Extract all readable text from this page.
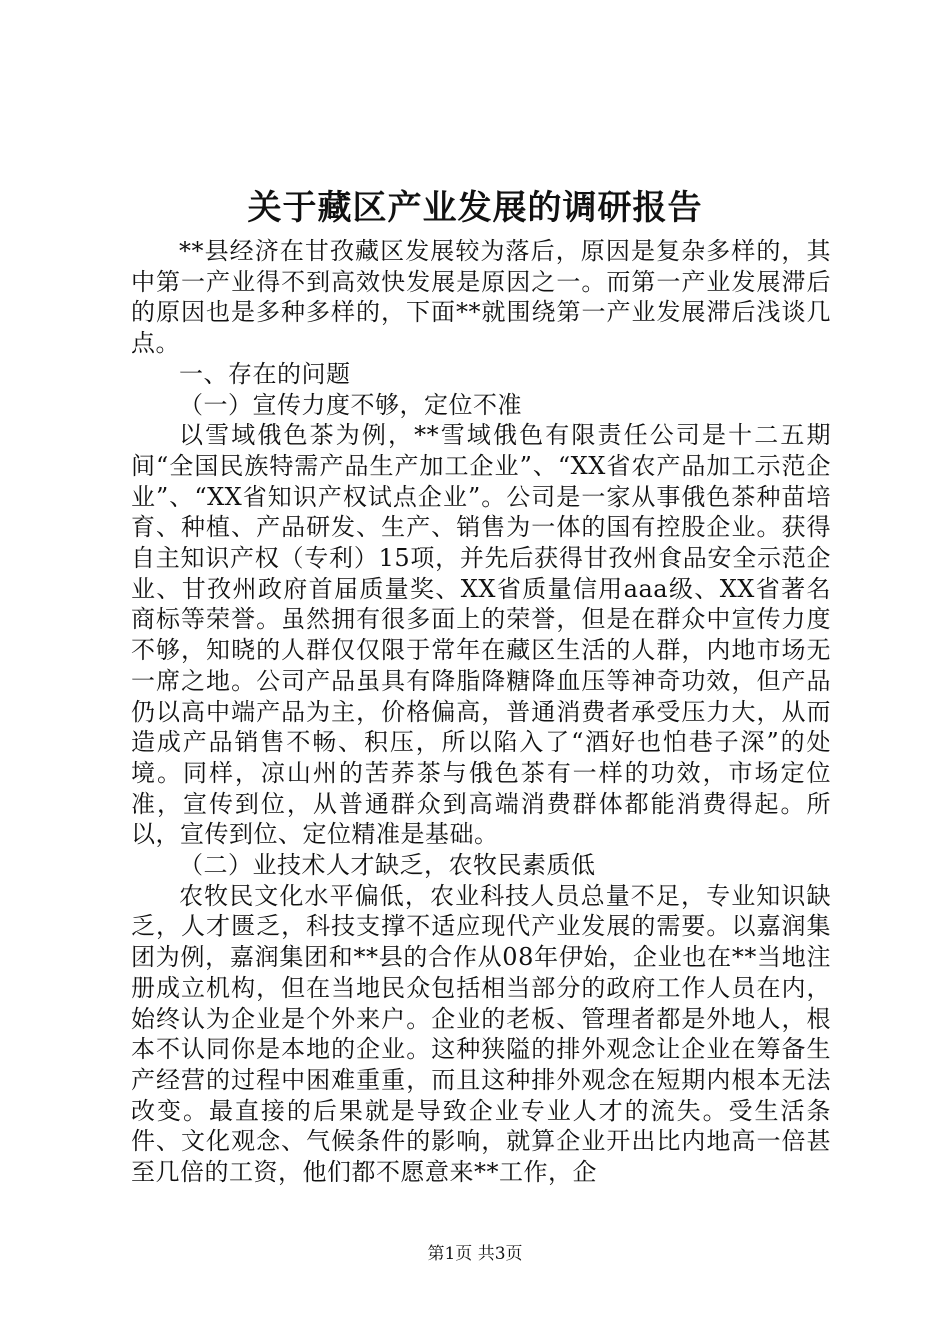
关于藏区产业发展的调研报告

**县经济在甘孜藏区发展较为落后，原因是复杂多样的，其中第一产业得不到高效快发展是原因之一。而第一产业发展滞后的原因也是多种多样的，下面**就围绕第一产业发展滞后浅谈几点。

一、存在的问题

（一）宣传力度不够，定位不准

以雪域俄色茶为例，**雪域俄色有限责任公司是十二五期间“全国民族特需产品生产加工企业”、“XX省农产品加工示范企业”、“XX省知识产权试点企业”。公司是一家从事俄色茶种苗培育、种植、产品研发、生产、销售为一体的国有控股企业。获得自主知识产权（专利）15项，并先后获得甘孜州食品安全示范企业、甘孜州政府首届质量奖、XX省质量信用aaa级、XX省著名商标等荣誉。虽然拥有很多面上的荣誉，但是在群众中宣传力度不够，知晓的人群仅仅限于常年在藏区生活的人群，内地市场无一席之地。公司产品虽具有降脂降糖降血压等神奇功效，但产品仍以高中端产品为主，价格偏高，普通消费者承受压力大，从而造成产品销售不畅、积压，所以陷入了“酒好也怕巷子深”的处境。同样，凉山州的苦荞茶与俄色茶有一样的功效，市场定位准，宣传到位，从普通群众到高端消费群体都能消费得起。所以，宣传到位、定位精准是基础。

（二）业技术人才缺乏，农牧民素质低

农牧民文化水平偏低，农业科技人员总量不足，专业知识缺乏，人才匮乏，科技支撑不适应现代产业发展的需要。以嘉润集团为例，嘉润集团和**县的合作从08年伊始，企业也在**当地注册成立机构，但在当地民众包括相当部分的政府工作人员在内，始终认为企业是个外来户。企业的老板、管理者都是外地人，根本不认同你是本地的企业。这种狭隘的排外观念让企业在筹备生产经营的过程中困难重重，而且这种排外观念在短期内根本无法改变。最直接的后果就是导致企业专业人才的流失。受生活条件、文化观念、气候条件的影响，就算企业开出比内地高一倍甚至几倍的工资，他们都不愿意来**工作，企

第1页 共3页
